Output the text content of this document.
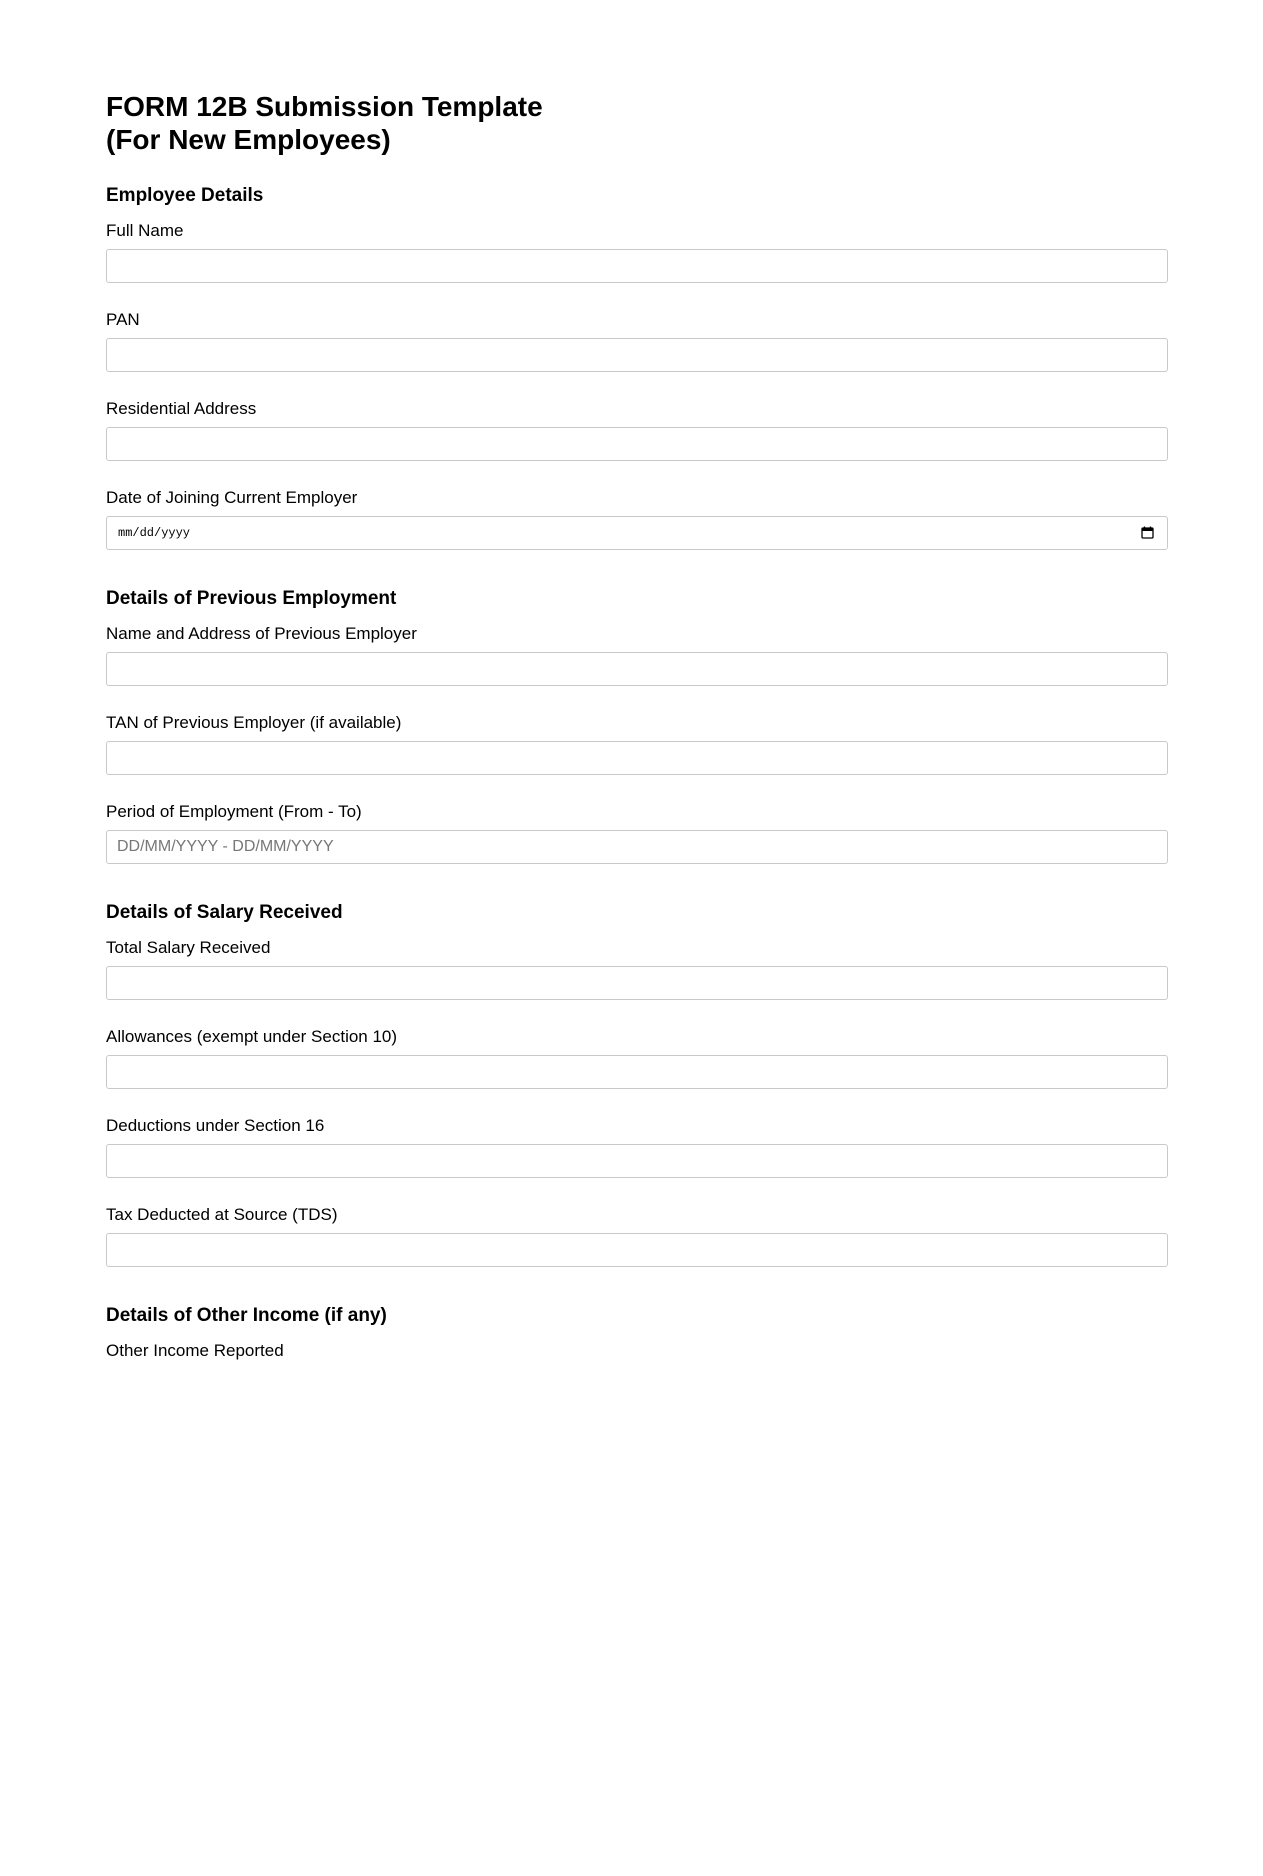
FORM 12B Submission Template
(For New Employees)
Employee Details
Full Name
PAN
Residential Address
Date of Joining Current Employer
mm/dd/yyyy
Details of Previous Employment
Name and Address of Previous Employer
TAN of Previous Employer (if available)
Period of Employment (From - To)
DD/MM/YYYY - DD/MM/YYYY
Details of Salary Received
Total Salary Received
Allowances (exempt under Section 10)
Deductions under Section 16
Tax Deducted at Source (TDS)
Details of Other Income (if any)
Other Income Reported
